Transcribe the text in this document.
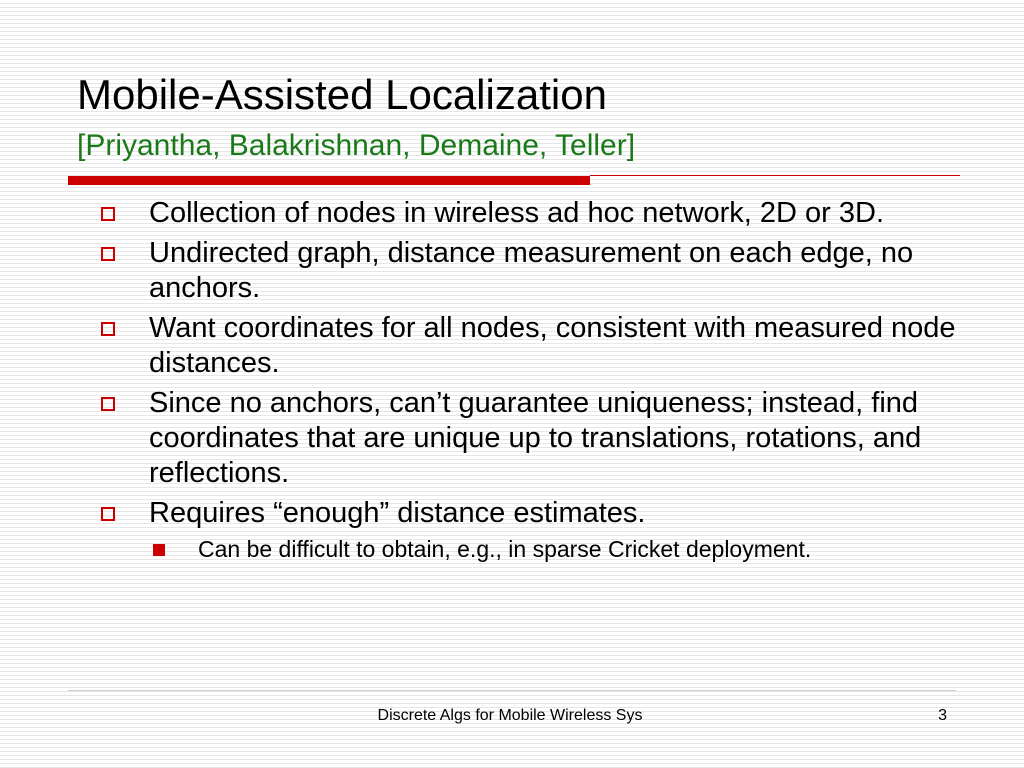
Mobile-Assisted Localization
[Priyantha, Balakrishnan, Demaine, Teller]
Collection of nodes in wireless ad hoc network, 2D or 3D.
Undirected graph, distance measurement on each edge, no anchors.
Want coordinates for all nodes, consistent with measured node distances.
Since no anchors, can’t guarantee uniqueness; instead, find coordinates that are unique up to translations, rotations, and reflections.
Requires “enough” distance estimates.
Can be difficult to obtain, e.g., in sparse Cricket deployment.
Discrete Algs for Mobile Wireless Sys	3
